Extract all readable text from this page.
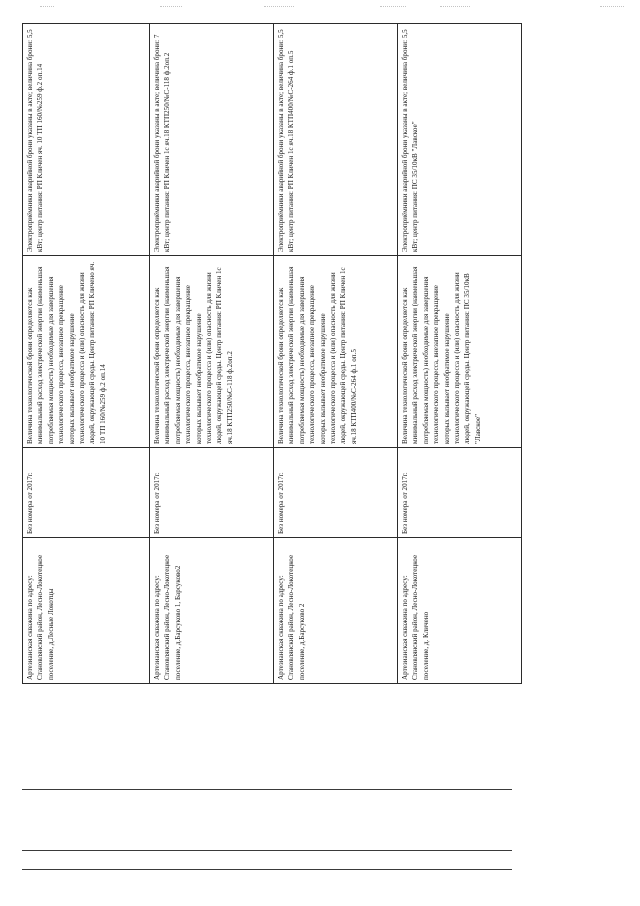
Артезианская скважина по адресу: Становлянский район, Лесно-Локотецкое поселение, д.Лесные Локотцы	Без номера от 2017г.	Величина технологической брони определяется как минимальный расход электрической энергии (наименьшая потребляемая мощность) необходимые для завершения технологического процесса, внезапное прекращение которых вызывает необратимое нарушение технологического процесса и (или) опасность для жизни людей, окружающей среды. Центр питания: РП Кличено яч. 10 ТП 160/№259 ф.2 оп.14	Электроприёмники аварийной брони указаны в акте; величина брони: 5,5 кВт; центр питания: РП Кличен яч. 10 ТП 160/№259 ф.2 оп.14
Артезианская скважина по адресу: Становлянский район, Лесно-Локотецкое поселение, д.Барсуково 1, Барсуково2	Без номера от 2017г.	Величина технологической брони определяется как минимальный расход электрической энергии (наименьшая потребляемая мощность) необходимые для завершения технологического процесса, внезапное прекращение которых вызывает необратимое нарушение технологического процесса и (или) опасность для жизни людей, окружающей среды. Центр питания: РП Кличен 1с яч.18 КТП250/№С-118 ф.2оп.2	Электроприёмники аварийной брони указаны в акте; величина брони: 7 кВт; центр питания: РП Кличен 1с яч.18 КТП250/№С-118 ф.2оп.2
Артезианская скважина по адресу: Становлянский район, Лесно-Локотецкое поселение, д.Барсуково 2	Без номера от 2017г.	Величина технологической брони определяется как минимальный расход электрической энергии (наименьшая потребляемая мощность) необходимые для завершения технологического процесса, внезапное прекращение которых вызывает необратимое нарушение технологического процесса и (или) опасность для жизни людей, окружающей среды. Центр питания: РП Кличен 1с яч.18 КТП400/№С-264 ф.1 оп.5	Электроприёмники аварийной брони указаны в акте; величина брони: 5,5 кВт; центр питания: РП Кличен 1с яч.18 КТП400/№С-264 ф.1 оп.5
Артезианская скважина по адресу: Становлянский район, Лесно-Локотецкое поселение, д. Кличено	Без номера от 2017г.	Величина технологической брони определяется как минимальный расход электрической энергии (наименьшая потребляемая мощность) необходимые для завершения технологического процесса, внезапное прекращение которых вызывает необратимое нарушение технологического процесса и (или) опасность для жизни людей, окружающей среды. Центр питания: ПС 35/10кВ "Лавское"	Электроприёмники аварийной брони указаны в акте; величина брони: 5,5 кВт; центр питания: ПС 35/10кВ "Лавское"
